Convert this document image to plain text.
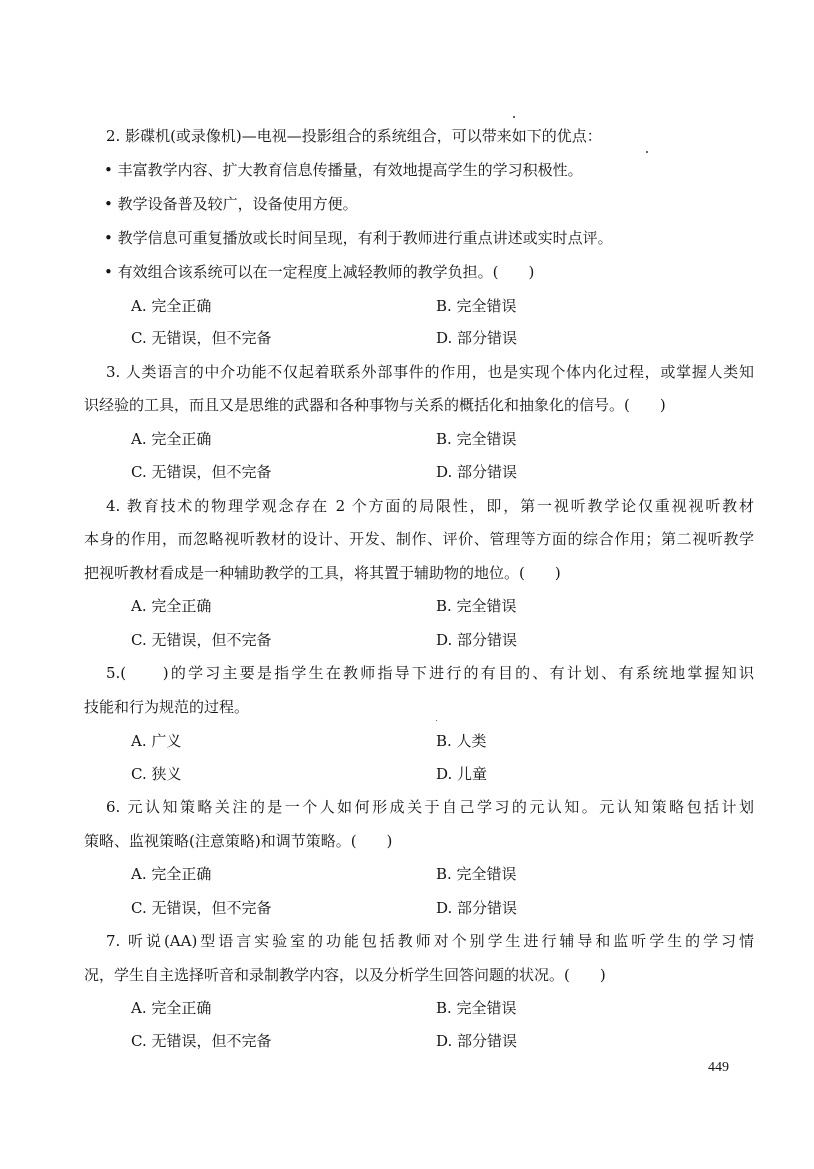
2. 影碟机(或录像机)—电视—投影组合的系统组合，可以带来如下的优点：
• 丰富教学内容、扩大教育信息传播量，有效地提高学生的学习积极性。
• 教学设备普及较广，设备使用方便。
• 教学信息可重复播放或长时间呈现，有利于教师进行重点讲述或实时点评。
• 有效组合该系统可以在一定程度上减轻教师的教学负担。(　　)
A. 完全正确	B. 完全错误
C. 无错误，但不完备	D. 部分错误
3. 人类语言的中介功能不仅起着联系外部事件的作用，也是实现个体内化过程，或掌握人类知
识经验的工具，而且又是思维的武器和各种事物与关系的概括化和抽象化的信号。(　　)
A. 完全正确	B. 完全错误
C. 无错误，但不完备	D. 部分错误
4. 教育技术的物理学观念存在 2 个方面的局限性，即，第一视听教学论仅重视视听教材
本身的作用，而忽略视听教材的设计、开发、制作、评价、管理等方面的综合作用；第二视听教学
把视听教材看成是一种辅助教学的工具，将其置于辅助物的地位。(　　)
A. 完全正确	B. 完全错误
C. 无错误，但不完备	D. 部分错误
5.(　　)的学习主要是指学生在教师指导下进行的有目的、有计划、有系统地掌握知识
技能和行为规范的过程。
A. 广义	B. 人类
C. 狭义	D. 儿童
6. 元认知策略关注的是一个人如何形成关于自己学习的元认知。元认知策略包括计划
策略、监视策略(注意策略)和调节策略。(　　)
A. 完全正确	B. 完全错误
C. 无错误，但不完备	D. 部分错误
7. 听说(AA)型语言实验室的功能包括教师对个别学生进行辅导和监听学生的学习情
况，学生自主选择听音和录制教学内容，以及分析学生回答问题的状况。(　　)
A. 完全正确	B. 完全错误
C. 无错误，但不完备	D. 部分错误
449
